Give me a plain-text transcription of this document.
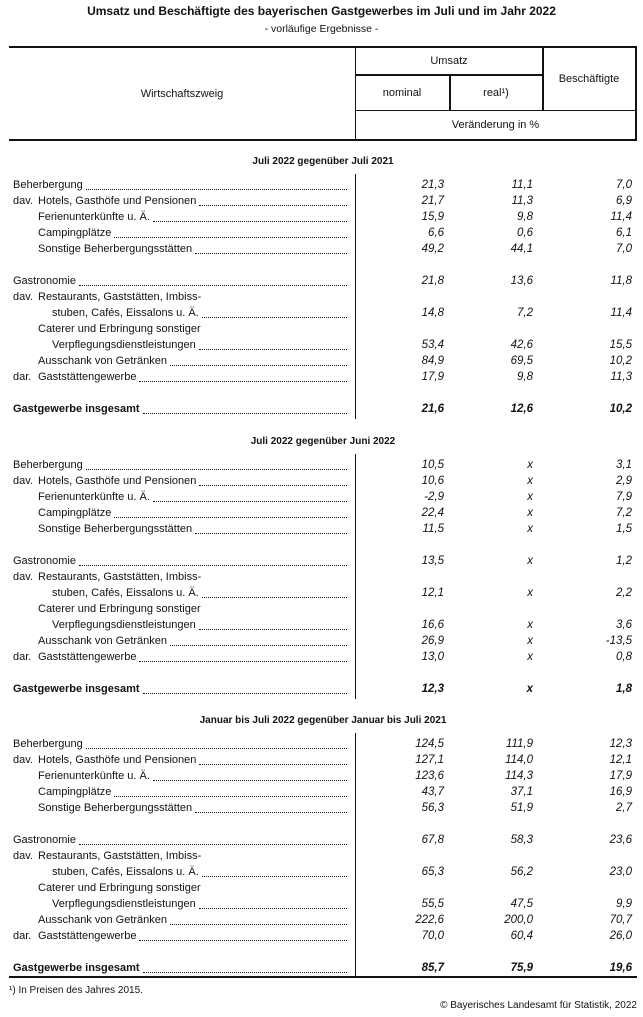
Umsatz und Beschäftigte des bayerischen Gastgewerbes im Juli und im Jahr 2022
- vorläufige Ergebnisse -
Wirtschaftszweig
Umsatz
nominal	real¹)
Beschäftigte
Veränderung in %
Juli 2022 gegenüber Juli 2021
Beherbergung	21,3	11,1	7,0
dav. Hotels, Gasthöfe und Pensionen	21,7	11,3	6,9
Ferienunterkünfte u. Ä.	15,9	9,8	11,4
Campingplätze	6,6	0,6	6,1
Sonstige Beherbergungsstätten	49,2	44,1	7,0
Gastronomie	21,8	13,6	11,8
dav. Restaurants, Gaststätten, Imbiss-
stuben, Cafés, Eissalons u. Ä.	14,8	7,2	11,4
Caterer und Erbringung sonstiger
Verpflegungsdienstleistungen	53,4	42,6	15,5
Ausschank von Getränken	84,9	69,5	10,2
dar. Gaststättengewerbe	17,9	9,8	11,3
Gastgewerbe insgesamt	21,6	12,6	10,2
Juli 2022 gegenüber Juni 2022
Beherbergung	10,5	x	3,1
dav. Hotels, Gasthöfe und Pensionen	10,6	x	2,9
Ferienunterkünfte u. Ä.	-2,9	x	7,9
Campingplätze	22,4	x	7,2
Sonstige Beherbergungsstätten	11,5	x	1,5
Gastronomie	13,5	x	1,2
dav. Restaurants, Gaststätten, Imbiss-
stuben, Cafés, Eissalons u. Ä.	12,1	x	2,2
Caterer und Erbringung sonstiger
Verpflegungsdienstleistungen	16,6	x	3,6
Ausschank von Getränken	26,9	x	-13,5
dar. Gaststättengewerbe	13,0	x	0,8
Gastgewerbe insgesamt	12,3	x	1,8
Januar bis Juli 2022 gegenüber Januar bis Juli 2021
Beherbergung	124,5	111,9	12,3
dav. Hotels, Gasthöfe und Pensionen	127,1	114,0	12,1
Ferienunterkünfte u. Ä.	123,6	114,3	17,9
Campingplätze	43,7	37,1	16,9
Sonstige Beherbergungsstätten	56,3	51,9	2,7
Gastronomie	67,8	58,3	23,6
dav. Restaurants, Gaststätten, Imbiss-
stuben, Cafés, Eissalons u. Ä.	65,3	56,2	23,0
Caterer und Erbringung sonstiger
Verpflegungsdienstleistungen	55,5	47,5	9,9
Ausschank von Getränken	222,6	200,0	70,7
dar. Gaststättengewerbe	70,0	60,4	26,0
Gastgewerbe insgesamt	85,7	75,9	19,6
¹) In Preisen des Jahres 2015.
© Bayerisches Landesamt für Statistik, 2022
